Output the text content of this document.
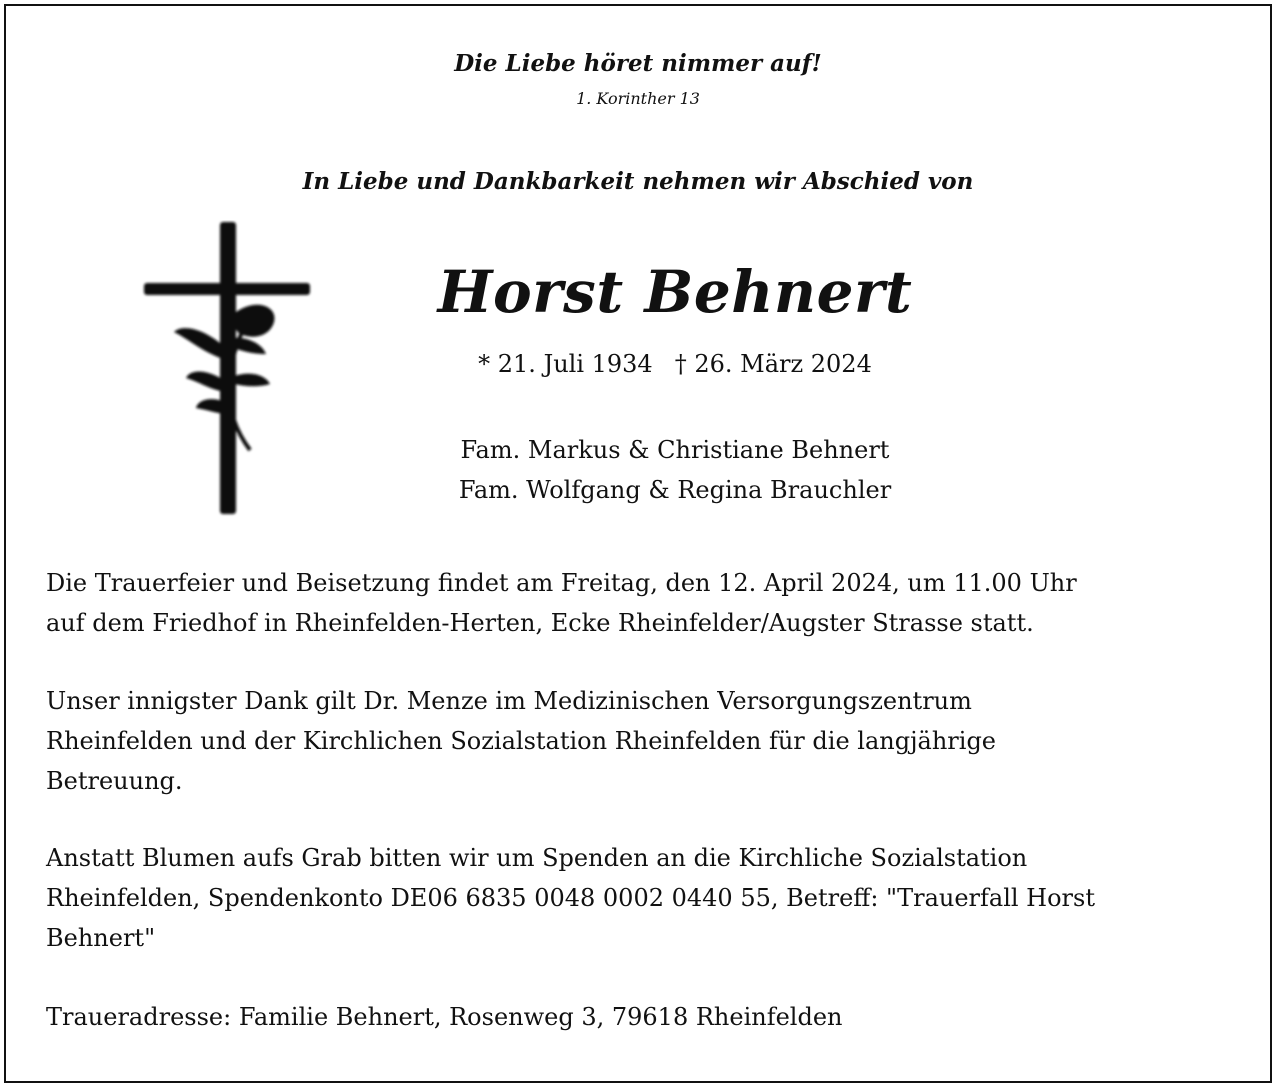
Die Liebe höret nimmer auf!
1. Korinther 13
In Liebe und Dankbarkeit nehmen wir Abschied von
Horst Behnert
* 21. Juli 1934 † 26. März 2024
Fam. Markus & Christiane Behnert
Fam. Wolfgang & Regina Brauchler
Die Trauerfeier und Beisetzung findet am Freitag, den 12. April 2024, um 11.00 Uhr
auf dem Friedhof in Rheinfelden-Herten, Ecke Rheinfelder/Augster Strasse statt.
Unser innigster Dank gilt Dr. Menze im Medizinischen Versorgungszentrum
Rheinfelden und der Kirchlichen Sozialstation Rheinfelden für die langjährige
Betreuung.
Anstatt Blumen aufs Grab bitten wir um Spenden an die Kirchliche Sozialstation
Rheinfelden, Spendenkonto DE06 6835 0048 0002 0440 55, Betreff: "Trauerfall Horst
Behnert"
Traueradresse: Familie Behnert, Rosenweg 3, 79618 Rheinfelden
